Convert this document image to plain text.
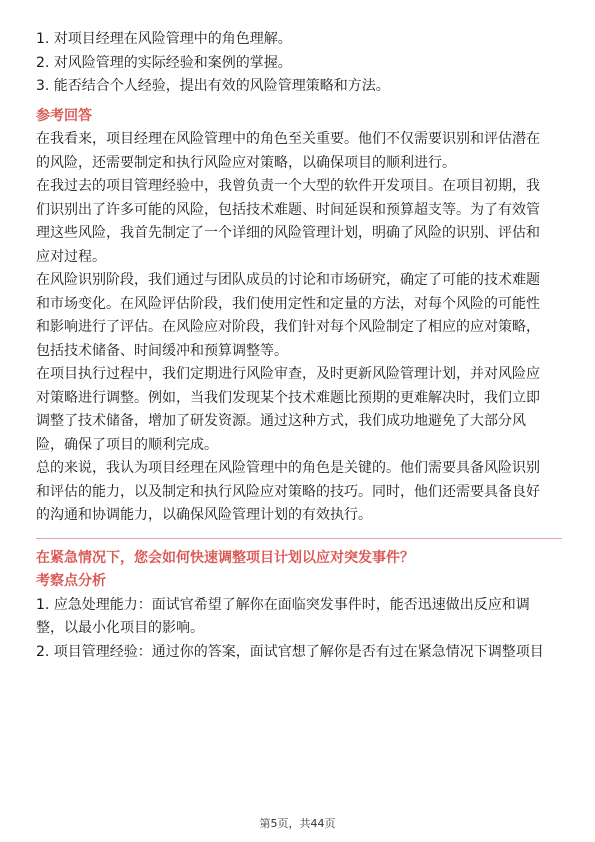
1. 对项目经理在风险管理中的角色理解。

2. 对风险管理的实际经验和案例的掌握。

3. 能否结合个人经验，提出有效的风险管理策略和方法。

参考回答

在我看来，项目经理在风险管理中的角色至关重要。他们不仅需要识别和评估潜在

的风险，还需要制定和执行风险应对策略，以确保项目的顺利进行。

在我过去的项目管理经验中，我曾负责一个大型的软件开发项目。在项目初期，我

们识别出了许多可能的风险，包括技术难题、时间延误和预算超支等。为了有效管

理这些风险，我首先制定了一个详细的风险管理计划，明确了风险的识别、评估和

应对过程。

在风险识别阶段，我们通过与团队成员的讨论和市场研究，确定了可能的技术难题

和市场变化。在风险评估阶段，我们使用定性和定量的方法，对每个风险的可能性

和影响进行了评估。在风险应对阶段，我们针对每个风险制定了相应的应对策略，

包括技术储备、时间缓冲和预算调整等。

在项目执行过程中，我们定期进行风险审查，及时更新风险管理计划，并对风险应

对策略进行调整。例如，当我们发现某个技术难题比预期的更难解决时，我们立即

调整了技术储备，增加了研发资源。通过这种方式，我们成功地避免了大部分风

险，确保了项目的顺利完成。

总的来说，我认为项目经理在风险管理中的角色是关键的。他们需要具备风险识别

和评估的能力，以及制定和执行风险应对策略的技巧。同时，他们还需要具备良好

的沟通和协调能力，以确保风险管理计划的有效执行。

在紧急情况下，您会如何快速调整项目计划以应对突发事件？
考察点分析

1. 应急处理能力：面试官希望了解你在面临突发事件时，能否迅速做出反应和调

整，以最小化项目的影响。

2. 项目管理经验：通过你的答案，面试官想了解你是否有过在紧急情况下调整项目

第5页，共44页
